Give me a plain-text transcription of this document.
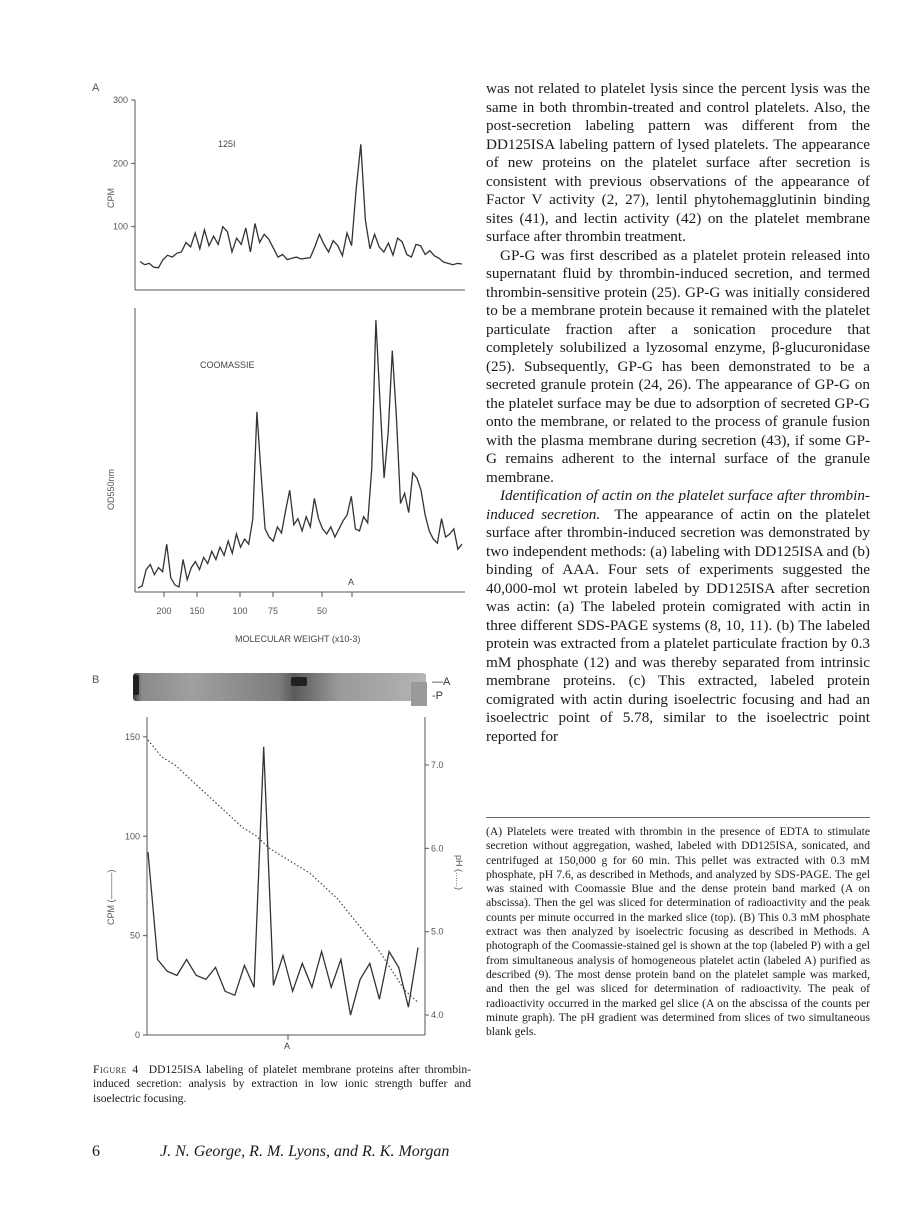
A
B
CPM
100
200
300
125I
OD550nm
COOMASSIE
200 150	100 75	50
MOLECULAR WEIGHT (x10-3)
A
—A
-P
CPM (———)	pH (......)
0
50
100
150
4.0
5.0
6.0
7.0
A
Figure 4 DD125ISA labeling of platelet membrane proteins after thrombin-induced secretion: analysis by extraction in low ionic strength buffer and isoelectric focusing.

was not related to platelet lysis since the percent lysis was the same in both thrombin-treated and control platelets. Also, the post-secretion labeling pattern was different from the DD125ISA labeling pattern of lysed platelets. The appearance of new proteins on the platelet surface after secretion is consistent with previous observations of the appearance of Factor V activity (2, 27), lentil phytohemagglutinin binding sites (41), and lectin activity (42) on the platelet membrane surface after thrombin treatment.

GP-G was first described as a platelet protein released into supernatant fluid by thrombin-induced secretion, and termed thrombin-sensitive protein (25). GP-G was initially considered to be a membrane protein because it remained with the platelet particulate fraction after a sonication procedure that completely solubilized a lyzosomal enzyme, β-glucuronidase (25). Subsequently, GP-G has been demonstrated to be a secreted granule protein (24, 26). The appearance of GP-G on the platelet surface may be due to adsorption of secreted GP-G onto the membrane, or related to the process of granule fusion with the plasma membrane during secretion (43), if some GP-G remains adherent to the internal surface of the granule membrane.

Identification of actin on the platelet surface after thrombin-induced secretion. The appearance of actin on the platelet surface after thrombin-induced secretion was demonstrated by two independent methods: (a) labeling with DD125ISA and (b) binding of AAA. Four sets of experiments suggested the 40,000-mol wt protein labeled by DD125ISA after secretion was actin: (a) The labeled protein comigrated with actin in three different SDS-PAGE systems (8, 10, 11). (b) The labeled protein was extracted from a platelet particulate fraction by 0.3 mM phosphate (12) and was thereby separated from intrinsic membrane proteins. (c) This extracted, labeled protein comigrated with actin during isoelectric focusing and had an isoelectric point of 5.78, similar to the isoelectric point reported for

(A) Platelets were treated with thrombin in the presence of EDTA to stimulate secretion without aggregation, washed, labeled with DD125ISA, sonicated, and centrifuged at 150,000 g for 60 min. This pellet was extracted with 0.3 mM phosphate, pH 7.6, as described in Methods, and analyzed by SDS-PAGE. The gel was stained with Coomassie Blue and the dense protein band marked (A on abscissa). Then the gel was sliced for determination of radioactivity and the peak counts per minute occurred in the marked slice (top). (B) This 0.3 mM phosphate extract was then analyzed by isoelectric focusing as described in Methods. A photograph of the Coomassie-stained gel is shown at the top (labeled P) with a gel from simultaneous analysis of homogeneous platelet actin (labeled A) purified as described (9). The most dense protein band on the platelet sample was marked, and then the gel was sliced for determination of radioactivity. The peak of radioactivity occurred in the marked gel slice (A on the abscissa of the counts per minute graph). The pH gradient was determined from slices of two simultaneous blank gels.

6	J. N. George, R. M. Lyons, and R. K. Morgan
